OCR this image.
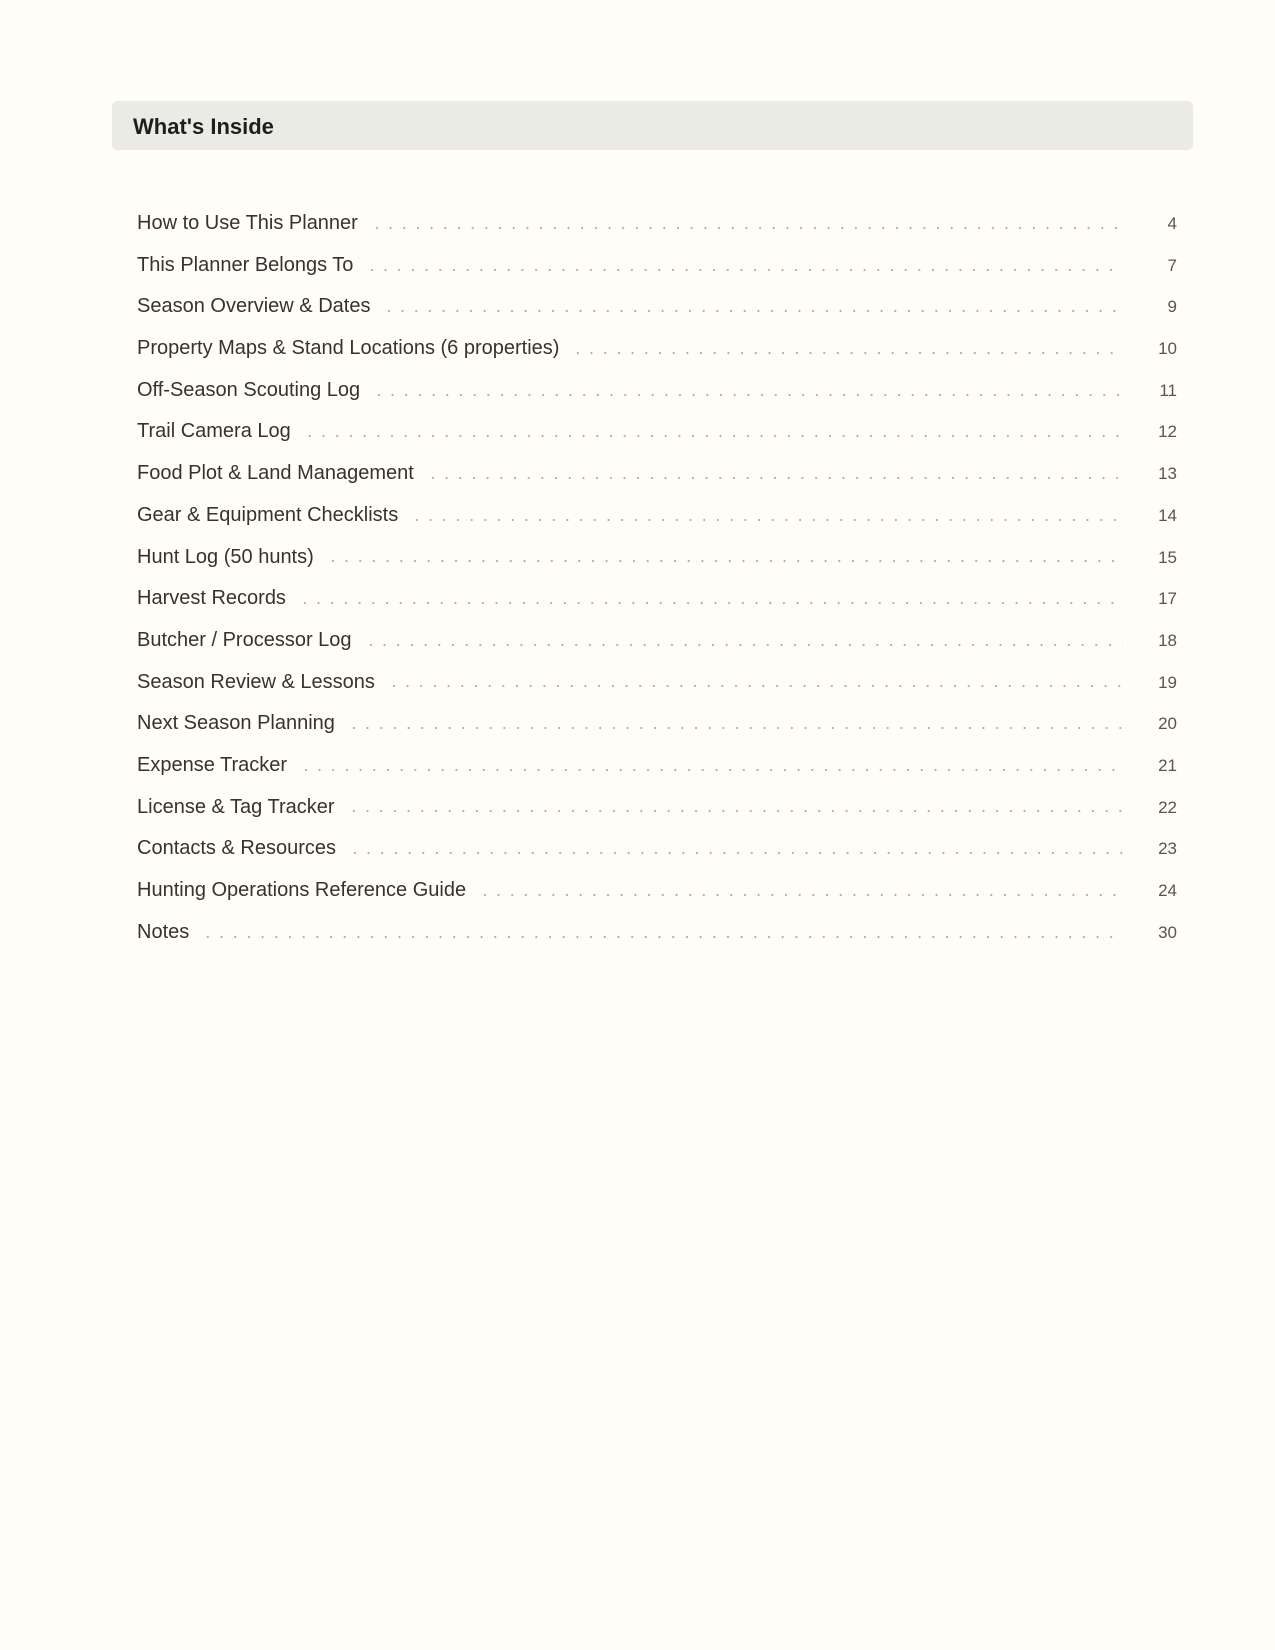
What's Inside
How to Use This Planner	4
This Planner Belongs To	7
Season Overview & Dates	9
Property Maps & Stand Locations (6 properties)	10
Off-Season Scouting Log	11
Trail Camera Log	12
Food Plot & Land Management	13
Gear & Equipment Checklists	14
Hunt Log (50 hunts)	15
Harvest Records	17
Butcher / Processor Log	18
Season Review & Lessons	19
Next Season Planning	20
Expense Tracker	21
License & Tag Tracker	22
Contacts & Resources	23
Hunting Operations Reference Guide	24
Notes	30
